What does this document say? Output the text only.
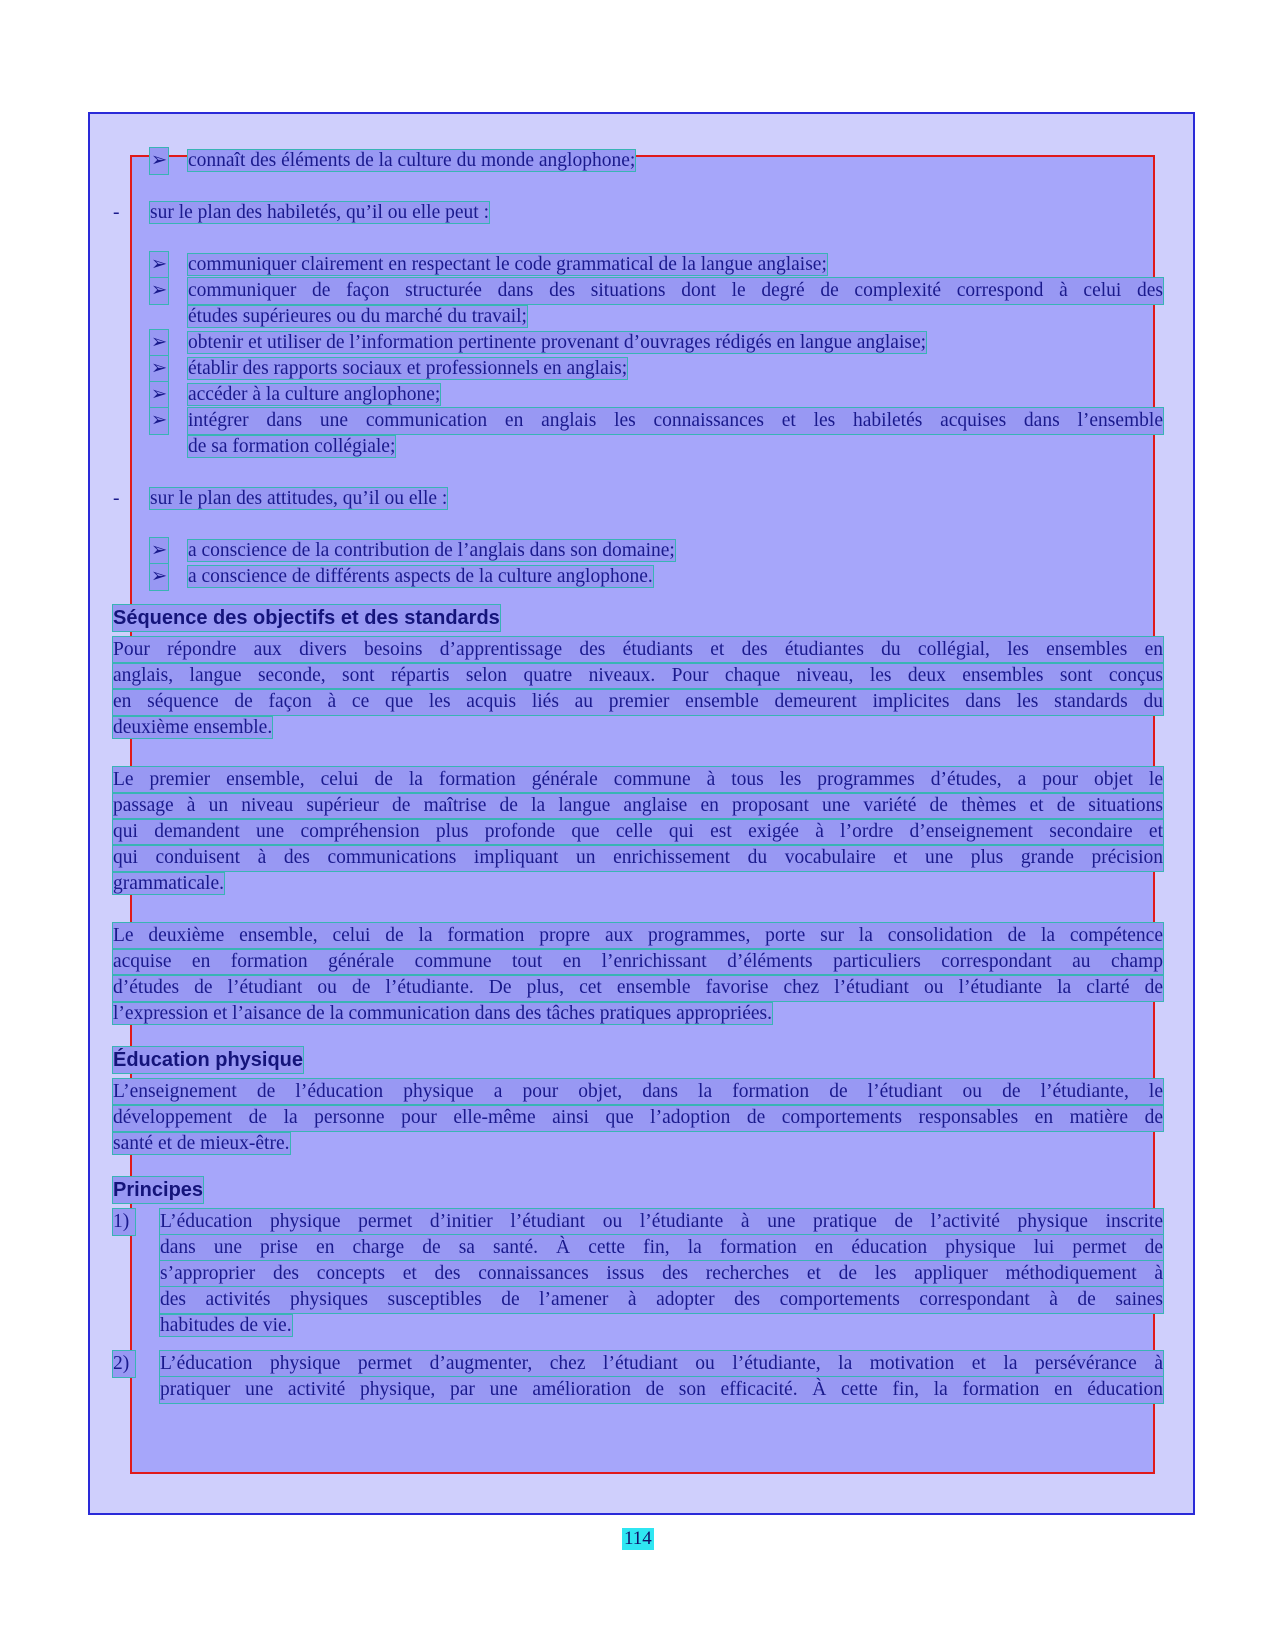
➢ connaît des éléments de la culture du monde anglophone;
- sur le plan des habiletés, qu’il ou elle peut :
➢ communiquer clairement en respectant le code grammatical de la langue anglaise;
➢ communiquer de façon structurée dans des situations dont le degré de complexité correspond à celui des
études supérieures ou du marché du travail;
➢ obtenir et utiliser de l’information pertinente provenant d’ouvrages rédigés en langue anglaise;
➢ établir des rapports sociaux et professionnels en anglais;
➢ accéder à la culture anglophone;
➢ intégrer dans une communication en anglais les connaissances et les habiletés acquises dans l’ensemble
de sa formation collégiale;
- sur le plan des attitudes, qu’il ou elle :
➢ a conscience de la contribution de l’anglais dans son domaine;
➢ a conscience de différents aspects de la culture anglophone.
Séquence des objectifs et des standards
Pour répondre aux divers besoins d’apprentissage des étudiants et des étudiantes du collégial, les ensembles en
anglais, langue seconde, sont répartis selon quatre niveaux. Pour chaque niveau, les deux ensembles sont conçus
en séquence de façon à ce que les acquis liés au premier ensemble demeurent implicites dans les standards du
deuxième ensemble.
Le premier ensemble, celui de la formation générale commune à tous les programmes d’études, a pour objet le
passage à un niveau supérieur de maîtrise de la langue anglaise en proposant une variété de thèmes et de situations
qui demandent une compréhension plus profonde que celle qui est exigée à l’ordre d’enseignement secondaire et
qui conduisent à des communications impliquant un enrichissement du vocabulaire et une plus grande précision
grammaticale.
Le deuxième ensemble, celui de la formation propre aux programmes, porte sur la consolidation de la compétence
acquise en formation générale commune tout en l’enrichissant d’éléments particuliers correspondant au champ
d’études de l’étudiant ou de l’étudiante. De plus, cet ensemble favorise chez l’étudiant ou l’étudiante la clarté de
l’expression et l’aisance de la communication dans des tâches pratiques appropriées.
Éducation physique
L’enseignement de l’éducation physique a pour objet, dans la formation de l’étudiant ou de l’étudiante, le
développement de la personne pour elle-même ainsi que l’adoption de comportements responsables en matière de
santé et de mieux-être.
Principes
1) L’éducation physique permet d’initier l’étudiant ou l’étudiante à une pratique de l’activité physique inscrite
dans une prise en charge de sa santé. À cette fin, la formation en éducation physique lui permet de
s’approprier des concepts et des connaissances issus des recherches et de les appliquer méthodiquement à
des activités physiques susceptibles de l’amener à adopter des comportements correspondant à de saines
habitudes de vie.
2) L’éducation physique permet d’augmenter, chez l’étudiant ou l’étudiante, la motivation et la persévérance à
pratiquer une activité physique, par une amélioration de son efficacité. À cette fin, la formation en éducation
114
